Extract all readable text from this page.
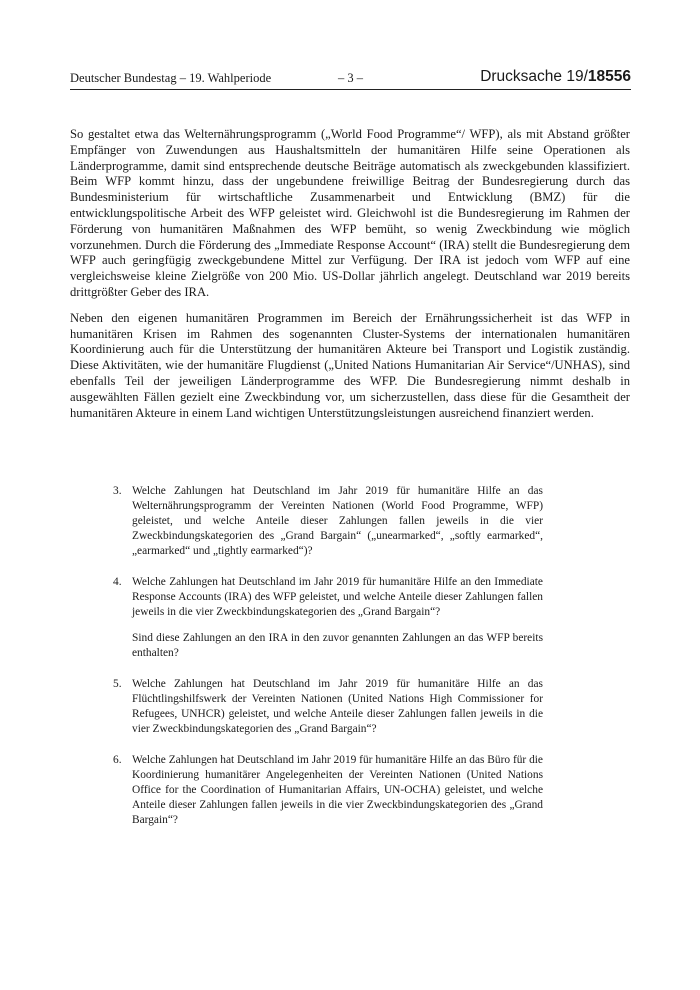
Deutscher Bundestag – 19. Wahlperiode	– 3 –	Drucksache 19/18556

So gestaltet etwa das Welternährungsprogramm („World Food Programme“/ WFP), als mit Abstand größter Empfänger von Zuwendungen aus Haushaltsmitteln der humanitären Hilfe seine Operationen als Länderprogramme, damit sind entsprechende deutsche Beiträge automatisch als zweckgebunden klassifiziert. Beim WFP kommt hinzu, dass der ungebundene freiwillige Beitrag der Bundesregierung durch das Bundesministerium für wirtschaftliche Zusammenarbeit und Entwicklung (BMZ) für die entwicklungspolitische Arbeit des WFP geleistet wird. Gleichwohl ist die Bundesregierung im Rahmen der Förderung von humanitären Maßnahmen des WFP bemüht, so wenig Zweckbindung wie möglich vorzunehmen. Durch die Förderung des „Immediate Response Account“ (IRA) stellt die Bundesregierung dem WFP auch geringfügig zweckgebundene Mittel zur Verfügung. Der IRA ist jedoch vom WFP auf eine vergleichsweise kleine Zielgröße von 200 Mio. US-Dollar jährlich angelegt. Deutschland war 2019 bereits drittgrößter Geber des IRA.

Neben den eigenen humanitären Programmen im Bereich der Ernährungssicherheit ist das WFP in humanitären Krisen im Rahmen des sogenannten Cluster-Systems der internationalen humanitären Koordinierung auch für die Unterstützung der humanitären Akteure bei Transport und Logistik zuständig. Diese Aktivitäten, wie der humanitäre Flugdienst („United Nations Humanitarian Air Service“/UNHAS), sind ebenfalls Teil der jeweiligen Länderprogramme des WFP. Die Bundesregierung nimmt deshalb in ausgewählten Fällen gezielt eine Zweckbindung vor, um sicherzustellen, dass diese für die Gesamtheit der humanitären Akteure in einem Land wichtigen Unterstützungsleistungen ausreichend finanziert werden.

3. Welche Zahlungen hat Deutschland im Jahr 2019 für humanitäre Hilfe an das Welternährungsprogramm der Vereinten Nationen (World Food Programme, WFP) geleistet, und welche Anteile dieser Zahlungen fallen jeweils in die vier Zweckbindungskategorien des „Grand Bargain“ („unearmarked“, „softly earmarked“, „earmarked“ und „tightly earmarked“)?

4. Welche Zahlungen hat Deutschland im Jahr 2019 für humanitäre Hilfe an den Immediate Response Accounts (IRA) des WFP geleistet, und welche Anteile dieser Zahlungen fallen jeweils in die vier Zweckbindungskategorien des „Grand Bargain“?

Sind diese Zahlungen an den IRA in den zuvor genannten Zahlungen an das WFP bereits enthalten?

5. Welche Zahlungen hat Deutschland im Jahr 2019 für humanitäre Hilfe an das Flüchtlingshilfswerk der Vereinten Nationen (United Nations High Commissioner for Refugees, UNHCR) geleistet, und welche Anteile dieser Zahlungen fallen jeweils in die vier Zweckbindungskategorien des „Grand Bargain“?

6. Welche Zahlungen hat Deutschland im Jahr 2019 für humanitäre Hilfe an das Büro für die Koordinierung humanitärer Angelegenheiten der Vereinten Nationen (United Nations Office for the Coordination of Humanitarian Affairs, UN-OCHA) geleistet, und welche Anteile dieser Zahlungen fallen jeweils in die vier Zweckbindungskategorien des „Grand Bargain“?
